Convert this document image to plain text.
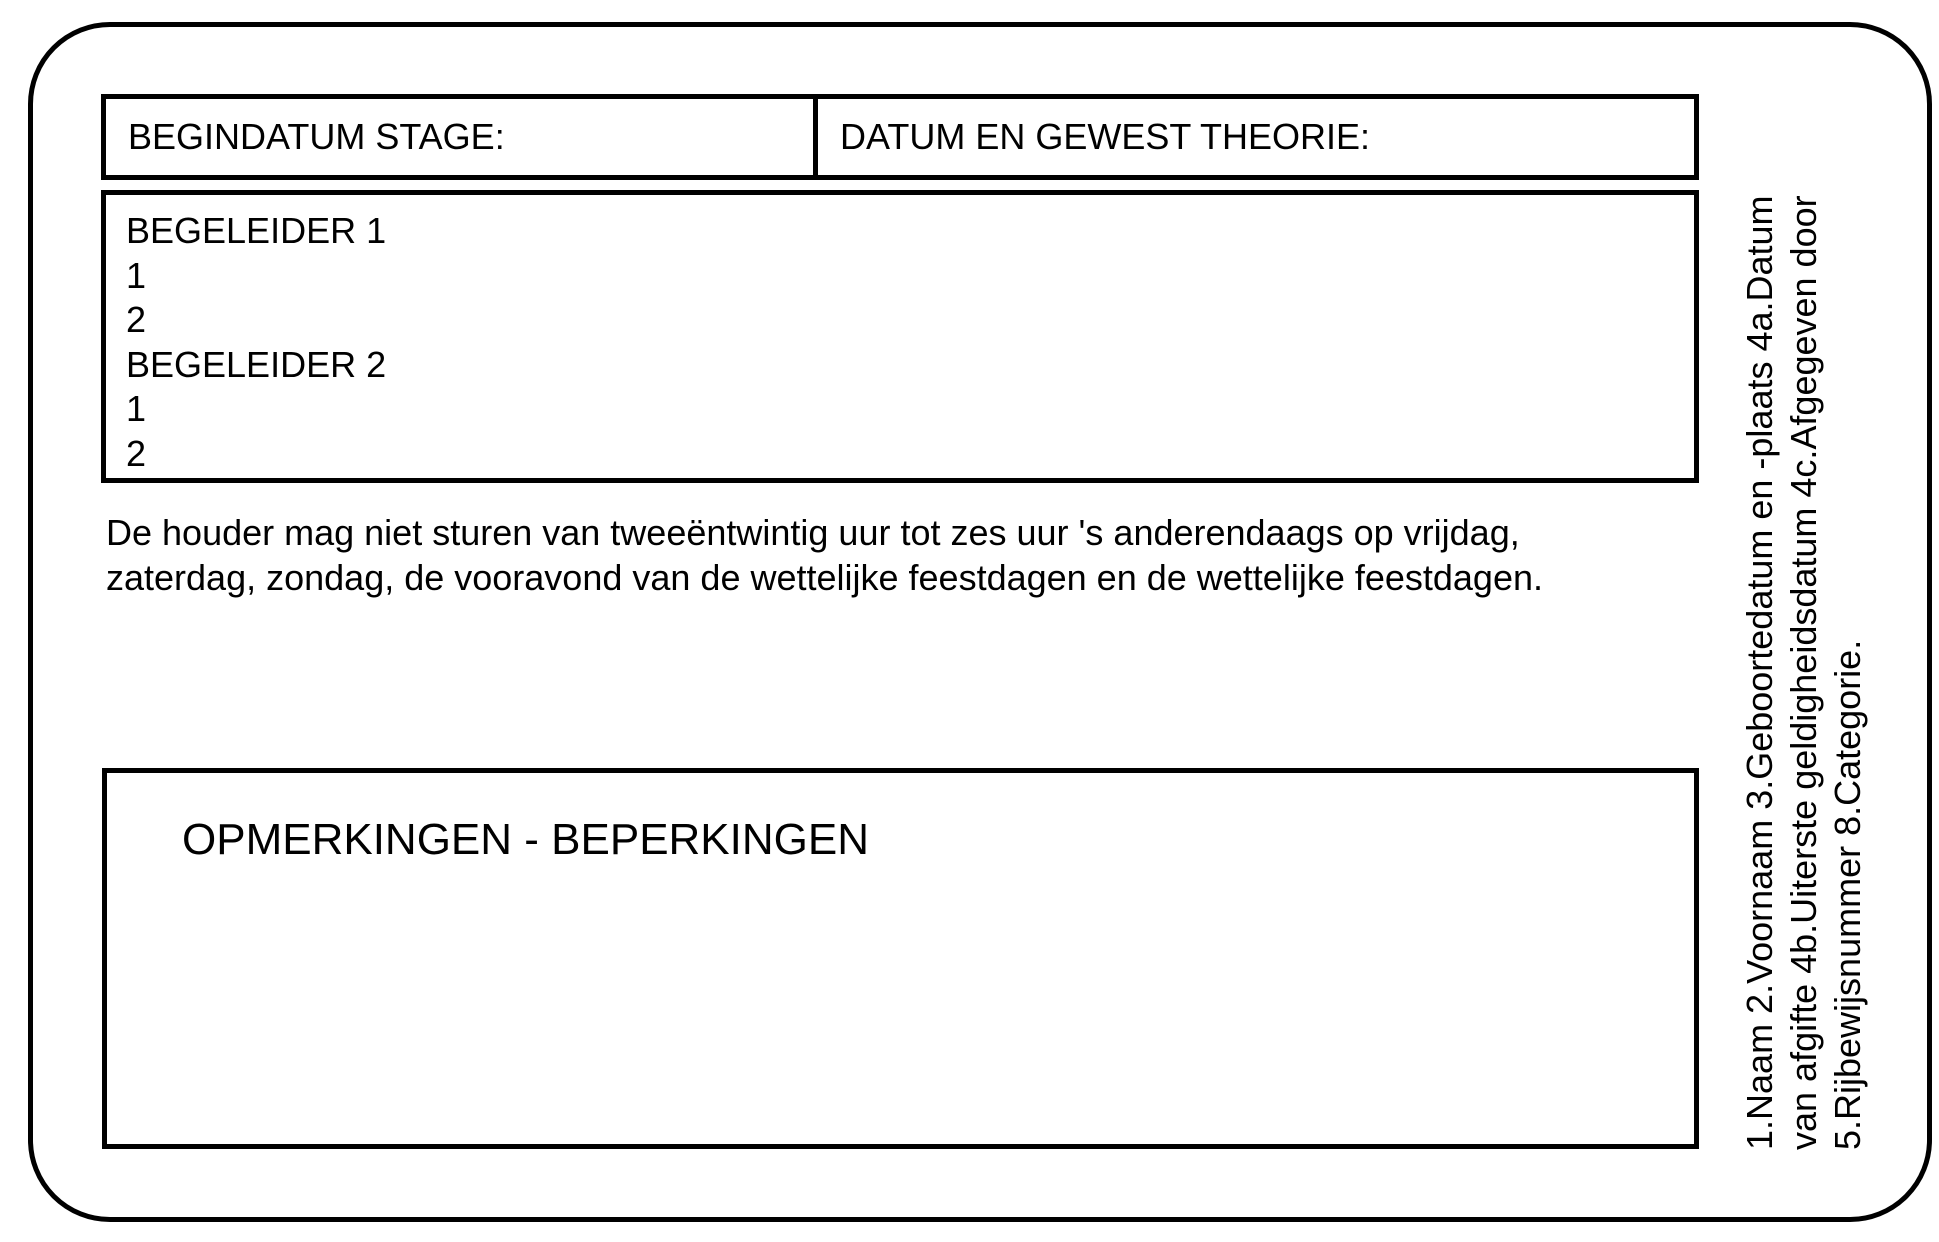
BEGINDATUM STAGE:	DATUM EN GEWEST THEORIE:
BEGELEIDER 1
1
2
BEGELEIDER 2
1
2
De houder mag niet sturen van tweeëntwintig uur tot zes uur 's anderendaags op vrijdag,
zaterdag, zondag, de vooravond van de wettelijke feestdagen en de wettelijke feestdagen.
OPMERKINGEN - BEPERKINGEN	1.Naam 2.Voornaam 3.Geboortedatum en -plaats 4a.Datum van afgifte 4b.Uiterste geldigheidsdatum 4c.Afgegeven door 5.Rijbewijsnummer 8.Categorie.
